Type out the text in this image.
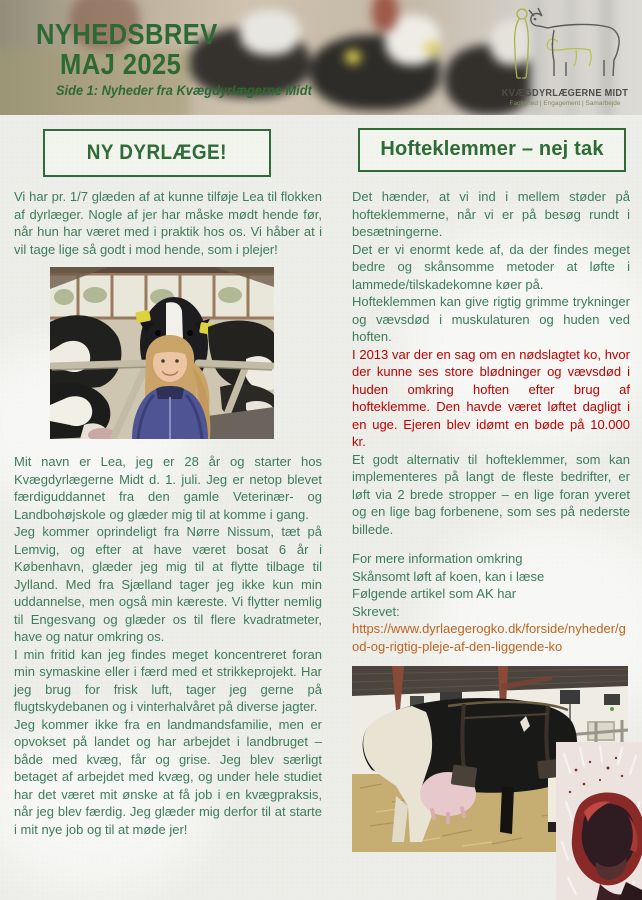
NYHEDSBREV
MAJ 2025
Side 1: Nyheder fra Kvægdyrlægerne Midt	KVÆGDYRLÆGERNE MIDT
Faglighed | Engagement | Samarbejde
NY DYRLÆGE!

Vi har pr. 1/7 glæden af at kunne tilføje Lea til flokken af dyrlæger. Nogle af jer har måske mødt hende før, når hun har været med i praktik hos os. Vi håber at i vil tage lige så godt i mod hende, som i plejer!

Mit navn er Lea, jeg er 28 år og starter hos Kvægdyrlægerne Midt d. 1. juli. Jeg er netop blevet færdiguddannet fra den gamle Veterinær- og Landbohøjskole og glæder mig til at komme i gang.

Jeg kommer oprindeligt fra Nørre Nissum, tæt på Lemvig, og efter at have været bosat 6 år i København, glæder jeg mig til at flytte tilbage til Jylland. Med fra Sjælland tager jeg ikke kun min uddannelse, men også min kæreste. Vi flytter nemlig til Engesvang og glæder os til flere kvadratmeter, have og natur omkring os.

I min fritid kan jeg findes meget koncentreret foran min symaskine eller i færd med et strikkeprojekt. Har jeg brug for frisk luft, tager jeg gerne på flugtskydebanen og i vinterhalvåret på diverse jagter.

Jeg kommer ikke fra en landmandsfamilie, men er opvokset på landet og har arbejdet i landbruget – både med kvæg, får og grise. Jeg blev særligt betaget af arbejdet med kvæg, og under hele studiet har det været mit ønske at få job i en kvægpraksis, når jeg blev færdig. Jeg glæder mig derfor til at starte i mit nye job og til at møde jer!

Hofteklemmer – nej tak

Det hænder, at vi ind i mellem støder på hofteklemmerne, når vi er på besøg rundt i besætningerne.

Det er vi enormt kede af, da der findes meget bedre og skånsomme metoder at løfte i lammede/tilskadekomne køer på.

Hofteklemmen kan give rigtig grimme trykninger og vævsdød i muskulaturen og huden ved hoften.

I 2013 var der en sag om en nødslagtet ko, hvor der kunne ses store blødninger og vævsdød i huden omkring hoften efter brug af hofteklemme. Den havde været løftet dagligt i en uge. Ejeren blev idømt en bøde på 10.000 kr.

Et godt alternativ til hofteklemmer, som kan implementeres på langt de fleste bedrifter, er løft via 2 brede stropper – en lige foran yveret og en lige bag forbenene, som ses på nederste billede.

For mere information omkring
Skånsomt løft af koen, kan i læse
Følgende artikel som AK har
Skrevet:
https://www.dyrlaegerogko.dk/forside/nyheder/god-og-rigtig-pleje-af-den-liggende-ko
